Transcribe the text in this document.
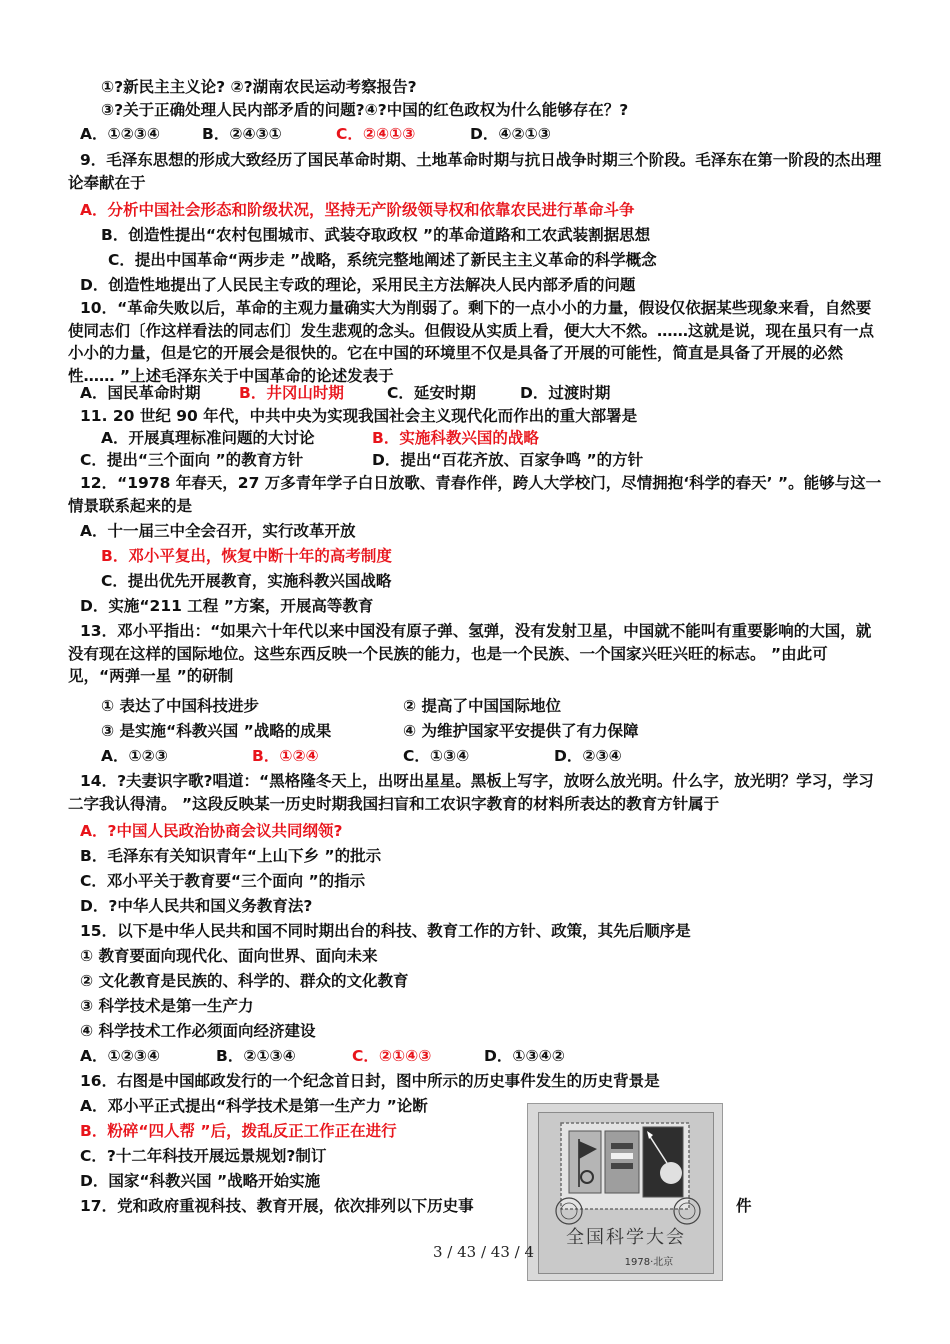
①?新民主主义论? ②?湖南农民运动考察报告?
③?关于正确处理人民内部矛盾的问题?④?中国的红色政权为什么能够存在？?
A．①②③④	B．②④③①	C．②④①③	D．④②①③
9．毛泽东思想的形成大致经历了国民革命时期、土地革命时期与抗日战争时期三个阶段。毛泽东在第一阶段的杰出理论奉献在于
A．分析中国社会形态和阶级状况，坚持无产阶级领导权和依靠农民进行革命斗争
B．创造性提出“农村包围城市、武装夺取政权 ”的革命道路和工农武装割据思想
C．提出中国革命“两步走 ”战略，系统完整地阐述了新民主主义革命的科学概念
D．创造性地提出了人民民主专政的理论，采用民主方法解决人民内部矛盾的问题
10．“革命失败以后，革命的主观力量确实大为削弱了。剩下的一点小小的力量，假设仅依据某些现象来看，自然要使同志们〔作这样看法的同志们〕发生悲观的念头。但假设从实质上看，便大大不然。……这就是说，现在虽只有一点小小的力量，但是它的开展会是很快的。它在中国的环境里不仅是具备了开展的可能性，简直是具备了开展的必然性…… ”上述毛泽东关于中国革命的论述发表于
A．国民革命时期 B．井冈山时期	C．延安时期	D．过渡时期
11. 20 世纪 90 年代，中共中央为实现我国社会主义现代化而作出的重大部署是
A．开展真理标准问题的大讨论	B．实施科教兴国的战略
C．提出“三个面向 ”的教育方针	D．提出“百花齐放、百家争鸣 ”的方针
12．“1978 年春天，27 万多青年学子白日放歌、青春作伴，跨人大学校门，尽情拥抱‘科学的春天’ ”。能够与这一情景联系起来的是
A．十一届三中全会召开，实行改革开放
B．邓小平复出，恢复中断十年的高考制度
C．提出优先开展教育，实施科教兴国战略
D．实施“211 工程 ”方案，开展高等教育
13．邓小平指出：“如果六十年代以来中国没有原子弹、氢弹，没有发射卫星，中国就不能叫有重要影响的大国，就没有现在这样的国际地位。这些东西反映一个民族的能力，也是一个民族、一个国家兴旺兴旺的标志。 ”由此可见，“两弹一星 ”的研制
① 表达了中国科技进步	② 提高了中国国际地位
③ 是实施“科教兴国 ”战略的成果	④ 为维护国家平安提供了有力保障
A．①②③	B．①②④	C．①③④	D．②③④
14．?夫妻识字歌?唱道：“黑格隆冬天上，出呀出星星。黑板上写字，放呀么放光明。什么字，放光明？学习，学习二字我认得清。 ”这段反映某一历史时期我国扫盲和工农识字教育的材料所表达的教育方针属于
A．?中国人民政治协商会议共同纲领?
B．毛泽东有关知识青年“上山下乡 ”的批示
C．邓小平关于教育要“三个面向 ”的指示
D．?中华人民共和国义务教育法?
15．以下是中华人民共和国不同时期出台的科技、教育工作的方针、政策，其先后顺序是
① 教育要面向现代化、面向世界、面向未来
② 文化教育是民族的、科学的、群众的文化教育
③ 科学技术是第一生产力
④ 科学技术工作必须面向经济建设
A．①②③④	B．②①③④	C．②①④③	D．①③④②
16．右图是中国邮政发行的一个纪念首日封，图中所示的历史事件发生的历史背景是
A．邓小平正式提出“科学技术是第一生产力 ”论断
B．粉碎“四人帮 ”后，拨乱反正工作正在进行
C．?十二年科技开展远景规划?制订
D．国家“科教兴国 ”战略开始实施
17．党和政府重视科技、教育开展，依次排列以下历史事	件
全国科学大会
1978·北京
3 / 43 / 43 / 4
